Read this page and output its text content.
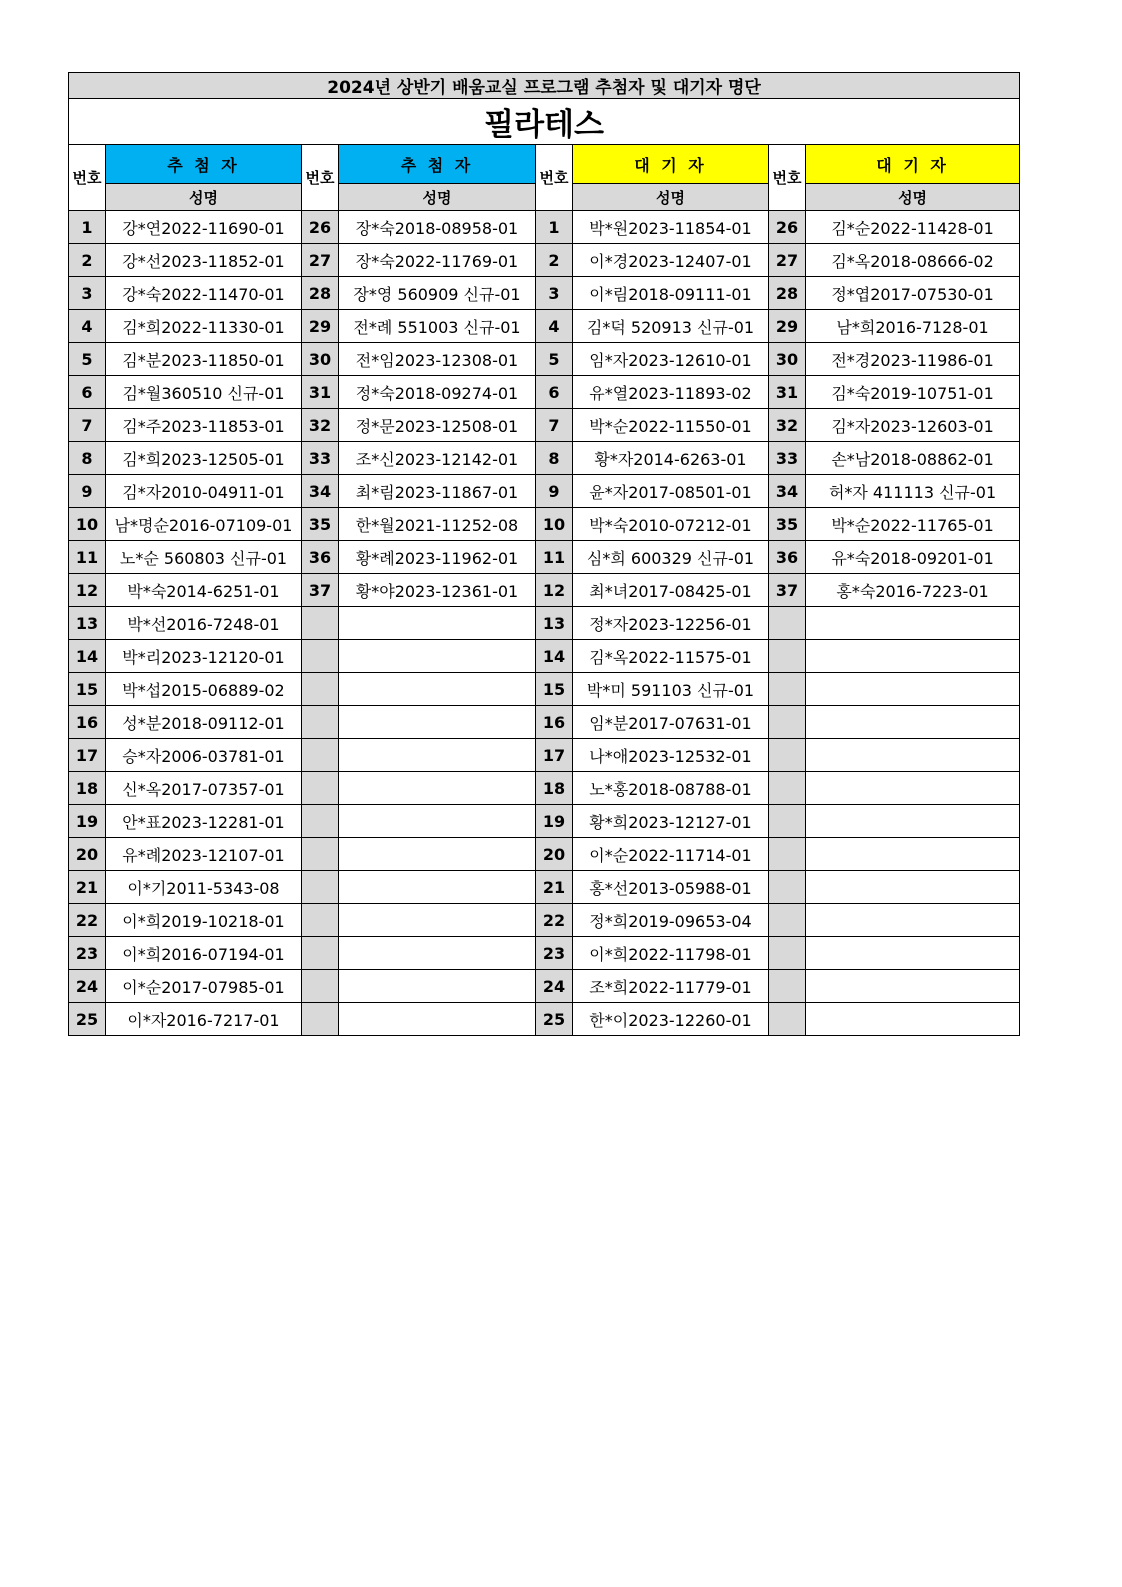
2024년 상반기 배움교실 프로그램 추첨자 및 대기자 명단							
필라테스							
번호	추 첨 자	번호	추 첨 자	번호	대 기 자	번호	대 기 자
	성명		성명		성명		성명
1	강*연2022-11690-01	26	장*숙2018-08958-01	1	박*원2023-11854-01	26	김*순2022-11428-01
2	강*선2023-11852-01	27	장*숙2022-11769-01	2	이*경2023-12407-01	27	김*옥2018-08666-02
3	강*숙2022-11470-01	28	장*영 560909 신규-01	3	이*림2018-09111-01	28	정*엽2017-07530-01
4	김*희2022-11330-01	29	전*례 551003 신규-01	4	김*덕 520913 신규-01	29	남*희2016-7128-01
5	김*분2023-11850-01	30	전*임2023-12308-01	5	임*자2023-12610-01	30	전*경2023-11986-01
6	김*월360510 신규-01	31	정*숙2018-09274-01	6	유*열2023-11893-02	31	김*숙2019-10751-01
7	김*주2023-11853-01	32	정*문2023-12508-01	7	박*순2022-11550-01	32	김*자2023-12603-01
8	김*희2023-12505-01	33	조*신2023-12142-01	8	황*자2014-6263-01	33	손*남2018-08862-01
9	김*자2010-04911-01	34	최*림2023-11867-01	9	윤*자2017-08501-01	34	허*자 411113 신규-01
10	남*명순2016-07109-01	35	한*월2021-11252-08	10	박*숙2010-07212-01	35	박*순2022-11765-01
11	노*순 560803 신규-01	36	황*례2023-11962-01	11	심*희 600329 신규-01	36	유*숙2018-09201-01
12	박*숙2014-6251-01	37	황*야2023-12361-01	12	최*녀2017-08425-01	37	홍*숙2016-7223-01
13	박*선2016-7248-01			13	정*자2023-12256-01		
14	박*리2023-12120-01			14	김*옥2022-11575-01		
15	박*섭2015-06889-02			15	박*미 591103 신규-01		
16	성*분2018-09112-01			16	임*분2017-07631-01		
17	승*자2006-03781-01			17	나*애2023-12532-01		
18	신*옥2017-07357-01			18	노*홍2018-08788-01		
19	안*표2023-12281-01			19	황*희2023-12127-01		
20	유*례2023-12107-01			20	이*순2022-11714-01		
21	이*기2011-5343-08			21	홍*선2013-05988-01		
22	이*희2019-10218-01			22	정*희2019-09653-04		
23	이*희2016-07194-01			23	이*희2022-11798-01		
24	이*순2017-07985-01			24	조*희2022-11779-01		
25	이*자2016-7217-01			25	한*이2023-12260-01		
